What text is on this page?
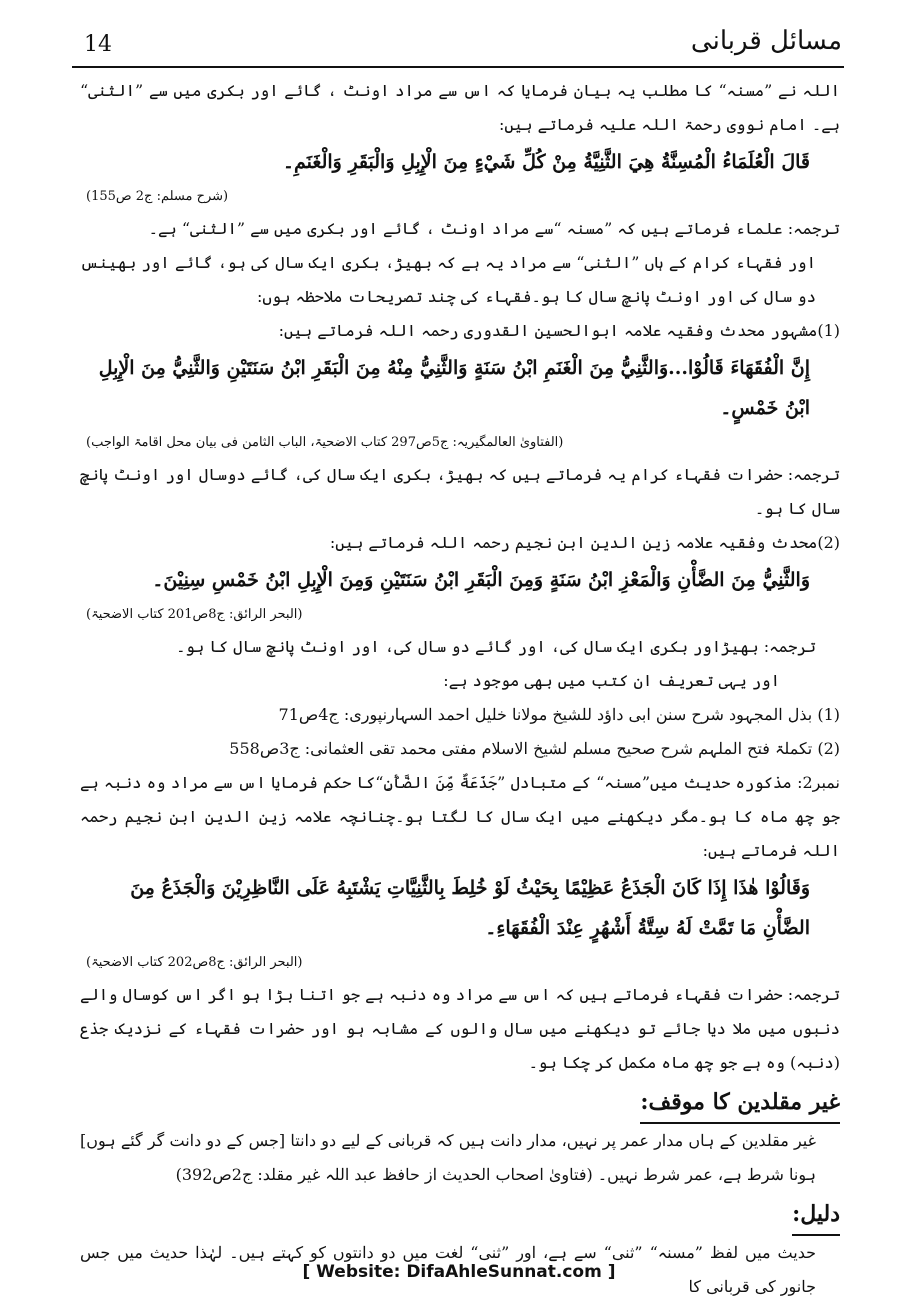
14	مسائل قربانی

اللہ نے ”مسنہ“ کا مطلب یہ بیان فرمایا کہ اس سے مراد اونٹ ، گائے اور بکری میں سے ”الثنی“ ہے۔ امام نووی رحمۃ اللہ علیہ فرماتے ہیں:

قَالَ الْعُلَمَاءُ الْمُسِنَّةُ هِيَ الثَّنِيَّةُ مِنْ كُلِّ شَيْءٍ مِنَ الْإِبِلِ وَالْبَقَرِ وَالْغَنَمِ۔

(شرح مسلم: ج2 ص155)

ترجمہ: علماء فرماتے ہیں کہ ”مسنہ “سے مراد اونٹ ، گائے اور بکری میں سے ”الثنی“ ہے۔

اور فقہاء کرام کے ہاں ”الثنی“ سے مراد یہ ہے کہ بھیڑ، بکری ایک سال کی ہو، گائے اور بھینس دو سال کی اور اونٹ پانچ سال کا ہو۔فقہاء کی چند تصریحات ملاحظہ ہوں:

(1)مشہور محدث وفقیہ علامہ ابوالحسین القدوری رحمہ اللہ فرماتے ہیں:

إِنَّ الْفُقَهَاءَ قَالُوْا...وَالثَّنِيُّ مِنَ الْغَنَمِ ابْنُ سَنَةٍ وَالثَّنِيُّ مِنْهُ مِنَ الْبَقَرِ ابْنُ سَنَتَيْنِ وَالثَّنِيُّ مِنَ الْإِبِلِ ابْنُ خَمْسٍ۔

(الفتاویٰ العالمگیریہ: ج5ص297 کتاب الاضحیۃ، الباب الثامن فی بیان محل اقامۃ الواجب)

ترجمہ: حضرات فقہاء کرام یہ فرماتے ہیں کہ بھیڑ، بکری ایک سال کی، گائے دوسال اور اونٹ پانچ سال کا ہو۔

(2)محدث وفقیہ علامہ زین الدین ابن نجیم رحمہ اللہ فرماتے ہیں:

وَالثَّنِيُّ مِنَ الضَّأْنِ وَالْمَعْزِ ابْنُ سَنَةٍ وَمِنَ الْبَقَرِ ابْنُ سَنَتَيْنِ وَمِنَ الْإِبِلِ ابْنُ خَمْسِ سِنِيْنَ۔

(البحر الرائق: ج8ص201 کتاب الاضحیۃ)

ترجمہ: بھیڑاور بکری ایک سال کی، اور گائے دو سال کی، اور اونٹ پانچ سال کا ہو۔

اور یہی تعریف ان کتب میں بھی موجود ہے:

(1) بذل المجہود شرح سنن ابی داؤد للشیخ مولانا خلیل احمد السہارنپوری: ج4ص71

(2) تکملۃ فتح الملہم شرح صحیح مسلم لشیخ الاسلام مفتی محمد تقی العثمانی: ج3ص558

نمبر2: مذکورہ حدیث میں”مسنہ“ کے متبادل ”جَذَعَةٌ مِّنَ الضَّأْنِ“کا حکم فرمایا اس سے مراد وہ دنبہ ہے جو چھ ماہ کا ہو۔مگر دیکھنے میں ایک سال کا لگتا ہو۔چنانچہ علامہ زین الدین ابن نجیم رحمہ اللہ فرماتے ہیں:

وَقَالُوْا هٰذَا إِذَا كَانَ الْجَذَعُ عَظِيْمًا بِحَيْثُ لَوْ خُلِطَ بِالثَّنِيَّاتِ يَشْتَبِهُ عَلَى النَّاظِرِيْنَ وَالْجَذَعُ مِنَ الضَّأْنِ مَا تَمَّتْ لَهُ سِتَّةُ أَشْهُرٍ عِنْدَ الْفُقَهَاءِ۔

(البحر الرائق: ج8ص202 کتاب الاضحیۃ)

ترجمہ: حضرات فقہاء فرماتے ہیں کہ اس سے مراد وہ دنبہ ہے جو اتنا بڑا ہو اگر اس کوسال والے دنبوں میں ملا دیا جائے تو دیکھنے میں سال والوں کے مشابہ ہو اور حضرات فقہاء کے نزدیک جذع (دنبہ) وہ ہے جو چھ ماہ مکمل کر چکا ہو۔

غیر مقلدین کا موقف:

غیر مقلدین کے ہاں مدار عمر پر نہیں، مدار دانت ہیں کہ قربانی کے لیے دو دانتا [جس کے دو دانت گر گئے ہوں] ہونا شرط ہے، عمر شرط نہیں۔ (فتاویٰ اصحاب الحدیث از حافظ عبد اللہ غیر مقلد: ج2ص392)

دلیل:

حدیث میں لفظ ”مسنہ“ ”ثنی“ سے ہے، اور ”ثنی“ لغت میں دو دانتوں کو کہتے ہیں۔ لہٰذا حدیث میں جس جانور کی قربانی کا

[ Website: DifaAhleSunnat.com ]
